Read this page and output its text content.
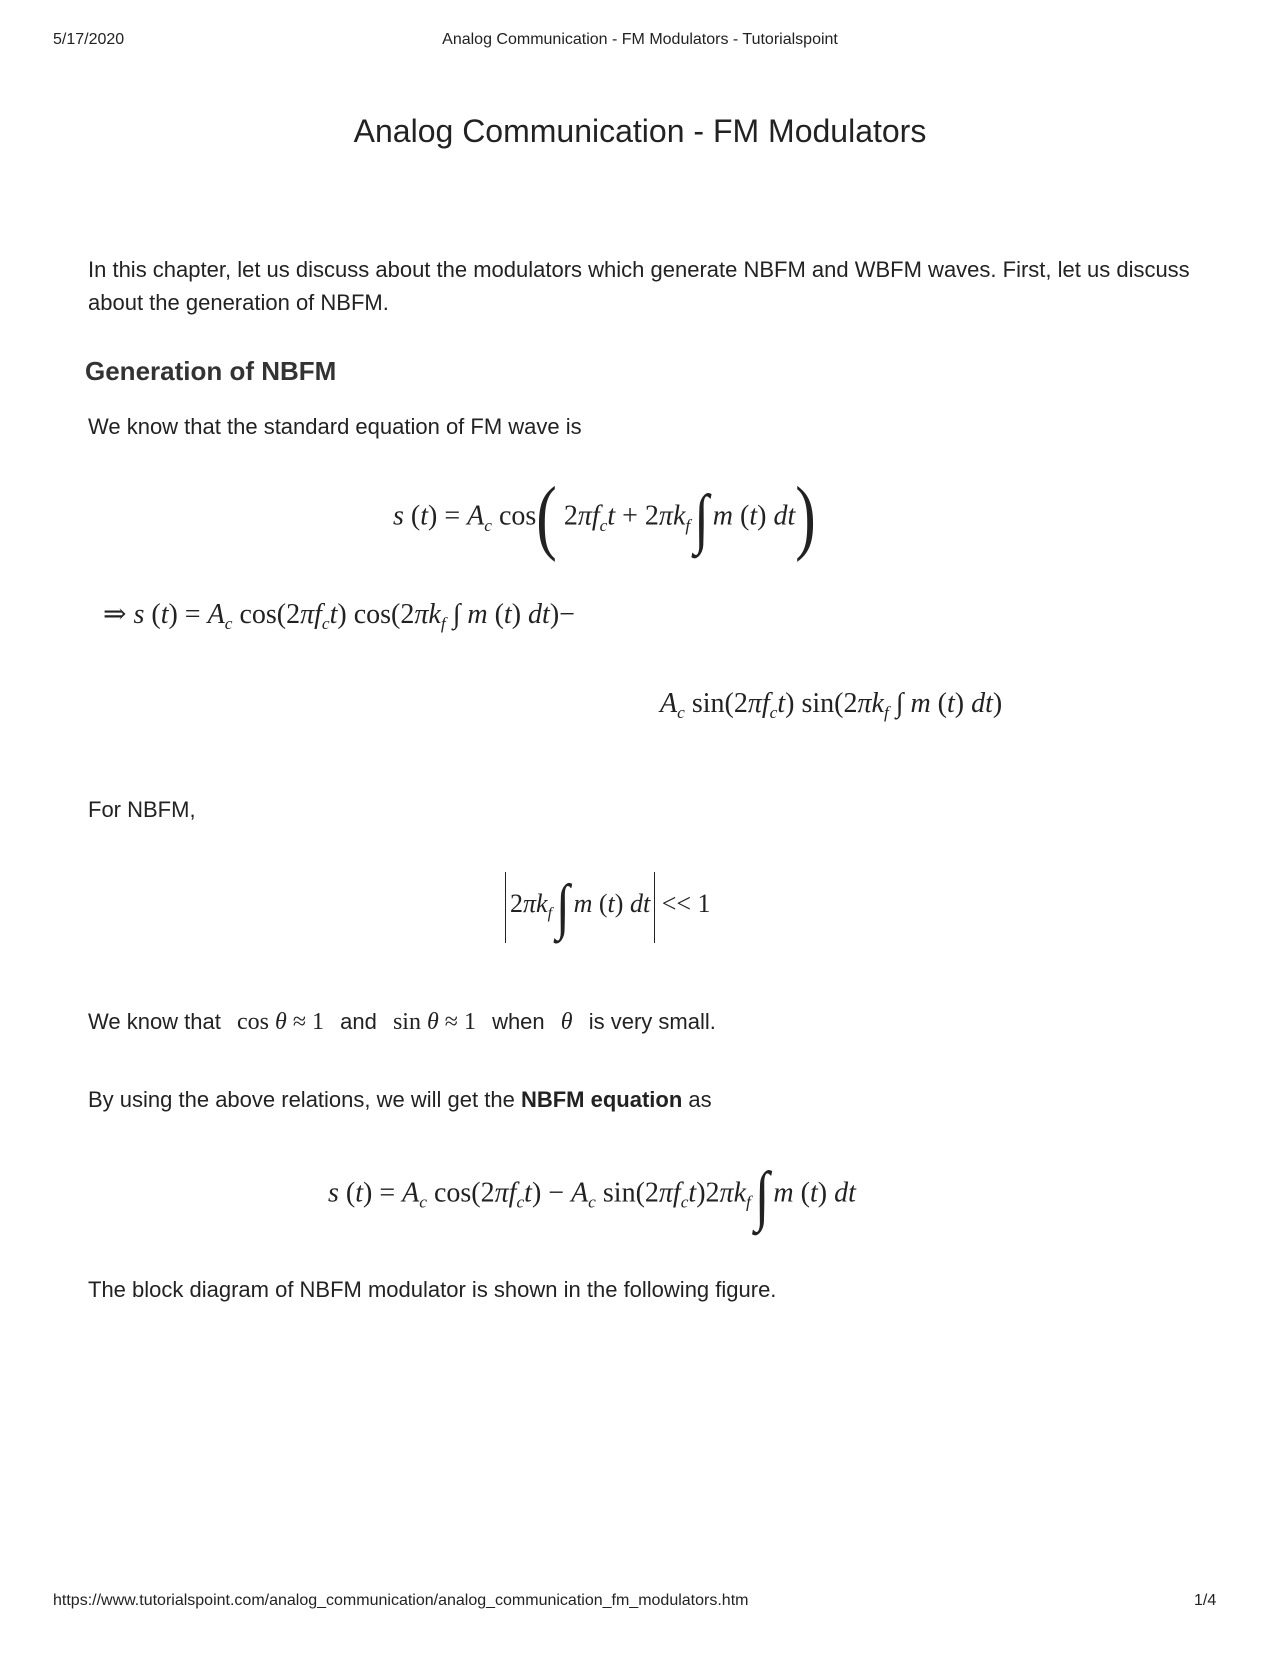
5/17/2020	Analog Communication - FM Modulators - Tutorialspoint
Analog Communication - FM Modulators
In this chapter, let us discuss about the modulators which generate NBFM and WBFM waves. First, let us discuss about the generation of NBFM.
Generation of NBFM
We know that the standard equation of FM wave is
s $(t) = A_c$ cos( $2\pi f_ct + 2\pi k_f\int$ m (t) dt)
⇒ s $(t) = A_c$ $\cos(2\pi f_ct)$ $\cos(2\pi k_f$ ∫ m (t) dt)−
$A_c$ $\sin(2\pi f_ct)$ $\sin(2\pi k_f$ ∫ m (t) dt)
For NBFM,
$2\pi k_f\int$ m (t) dt << 1
We know that cos θ ≈ 1 and sin θ ≈ 1 when θ is very small.
By using the above relations, we will get the NBFM equation as
s $(t) = A_c$ $\cos(2\pi f_ct) - A_c$ $\sin(2\pi f_ct)2\pi k_f\int$ m (t) dt
The block diagram of NBFM modulator is shown in the following figure.
https://www.tutorialspoint.com/analog_communication/analog_communication_fm_modulators.htm	1/4
